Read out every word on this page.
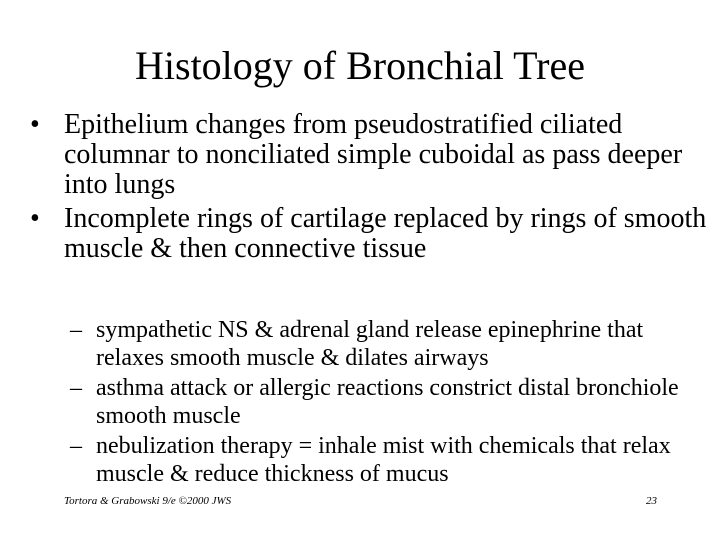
Histology of Bronchial Tree
• Epithelium changes from pseudostratified ciliated columnar to nonciliated simple cuboidal as pass deeper into lungs
• Incomplete rings of cartilage replaced by rings of smooth muscle & then connective tissue
– sympathetic NS & adrenal gland release epinephrine that relaxes smooth muscle & dilates airways
– asthma attack or allergic reactions constrict distal bronchiole smooth muscle
– nebulization therapy = inhale mist with chemicals that relax muscle & reduce thickness of mucus
Tortora & Grabowski 9/e ©2000 JWS	23
